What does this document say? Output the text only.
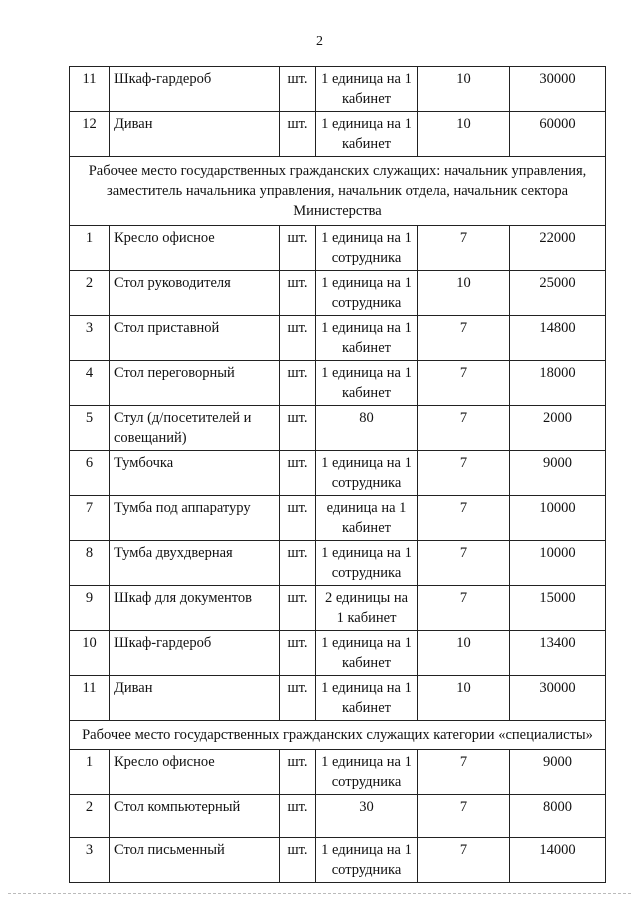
2
11	Шкаф-гардероб	шт.	1 единица на 1 кабинет	10	30000
12	Диван	шт.	1 единица на 1 кабинет	10	60000
Рабочее место государственных гражданских служащих: начальник управления, заместитель начальника управления, начальник отдела, начальник сектора Министерства					
1	Кресло офисное	шт.	1 единица на 1 сотрудника	7	22000
2	Стол руководителя	шт.	1 единица на 1 сотрудника	10	25000
3	Стол приставной	шт.	1 единица на 1 кабинет	7	14800
4	Стол переговорный	шт.	1 единица на 1 кабинет	7	18000
5	Стул (д/посетителей и совещаний)	шт.	80	7	2000
6	Тумбочка	шт.	1 единица на 1 сотрудника	7	9000
7	Тумба под аппаратуру	шт.	единица на 1 кабинет	7	10000
8	Тумба двухдверная	шт.	1 единица на 1 сотрудника	7	10000
9	Шкаф для документов	шт.	2 единицы на 1 кабинет	7	15000
10	Шкаф-гардероб	шт.	1 единица на 1 кабинет	10	13400
11	Диван	шт.	1 единица на 1 кабинет	10	30000
Рабочее место государственных гражданских служащих категории «специалисты»					
1	Кресло офисное	шт.	1 единица на 1 сотрудника	7	9000
2	Стол компьютерный	шт.	30	7	8000
3	Стол письменный	шт.	1 единица на 1 сотрудника	7	14000
